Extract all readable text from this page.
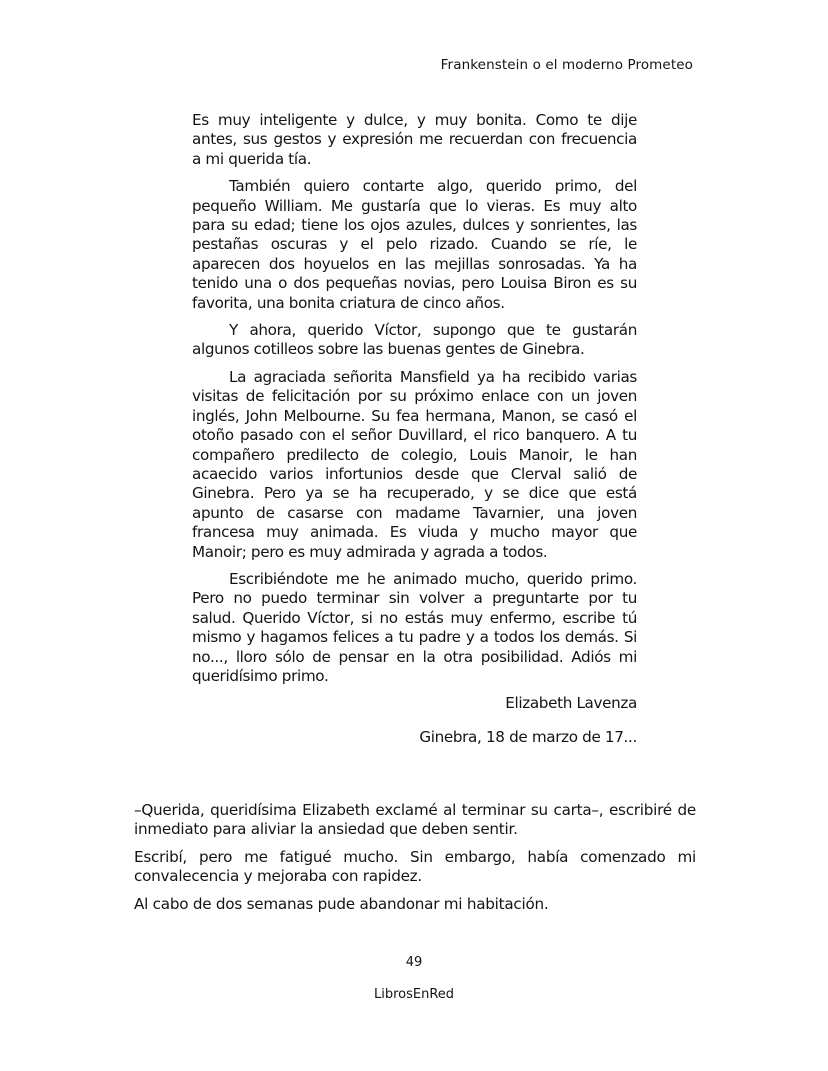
Frankenstein o el moderno Prometeo

Es muy inteligente y dulce, y muy bonita. Como te dije antes, sus gestos y expresión me recuerdan con frecuencia a mi querida tía.

También quiero contarte algo, querido primo, del pequeño William. Me gustaría que lo vieras. Es muy alto para su edad; tiene los ojos azules, dulces y sonrientes, las pestañas oscuras y el pelo rizado. Cuando se ríe, le aparecen dos hoyuelos en las mejillas sonrosadas. Ya ha tenido una o dos pequeñas novias, pero Louisa Biron es su favorita, una bonita criatura de cinco años.

Y ahora, querido Víctor, supongo que te gustarán algunos cotilleos sobre las buenas gentes de Ginebra.

La agraciada señorita Mansfield ya ha recibido varias visitas de felicitación por su próximo enlace con un joven inglés, John Melbourne. Su fea hermana, Manon, se casó el otoño pasado con el señor Duvillard, el rico banquero. A tu compañero predilecto de colegio, Louis Manoir, le han acaecido varios infortunios desde que Clerval salió de Ginebra. Pero ya se ha recuperado, y se dice que está apunto de casarse con madame Tavarnier, una joven francesa muy animada. Es viuda y mucho mayor que Manoir; pero es muy admirada y agrada a todos.

Escribiéndote me he animado mucho, querido primo. Pero no puedo terminar sin volver a preguntarte por tu salud. Querido Víctor, si no estás muy enfermo, escribe tú mismo y hagamos felices a tu padre y a todos los demás. Si no..., lloro sólo de pensar en la otra posibilidad. Adiós mi queridísimo primo.

Elizabeth Lavenza

Ginebra, 18 de marzo de 17...

–Querida, queridísima Elizabeth exclamé al terminar su carta–, escribiré de inmediato para aliviar la ansiedad que deben sentir.

Escribí, pero me fatigué mucho. Sin embargo, había comenzado mi convalecencia y mejoraba con rapidez.

Al cabo de dos semanas pude abandonar mi habitación.

49
LibrosEnRed
